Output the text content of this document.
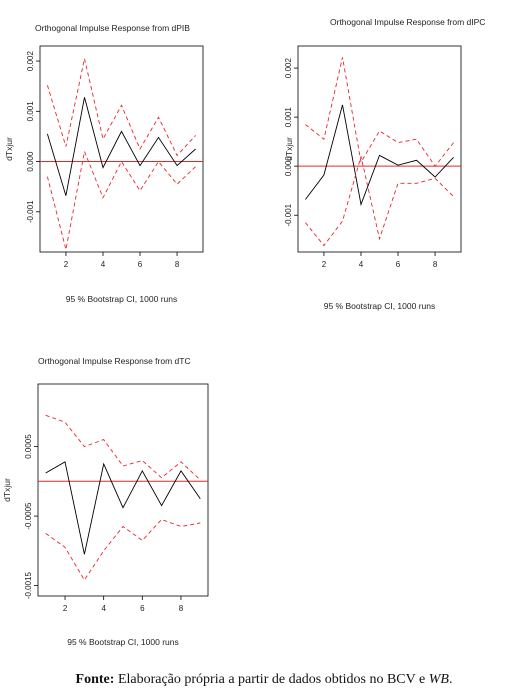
Orthogonal Impulse Response from dPIB
2	4	6	8
-0.001
0.000
0.001
0.002
dTxjur
95 % Bootstrap CI, 1000 runs
Orthogonal Impulse Response from dIPC
2	4	6	8
-0.001
0.000
0.001
0.002
dTxjur
95 % Bootstrap CI, 1000 runs
Orthogonal Impulse Response from dTC
2	4	6	8
-0.0015
-0.0005
0.0005
dTxjur
95 % Bootstrap CI, 1000 runs
Fonte: Elaboração própria a partir de dados obtidos no BCV e WB.
